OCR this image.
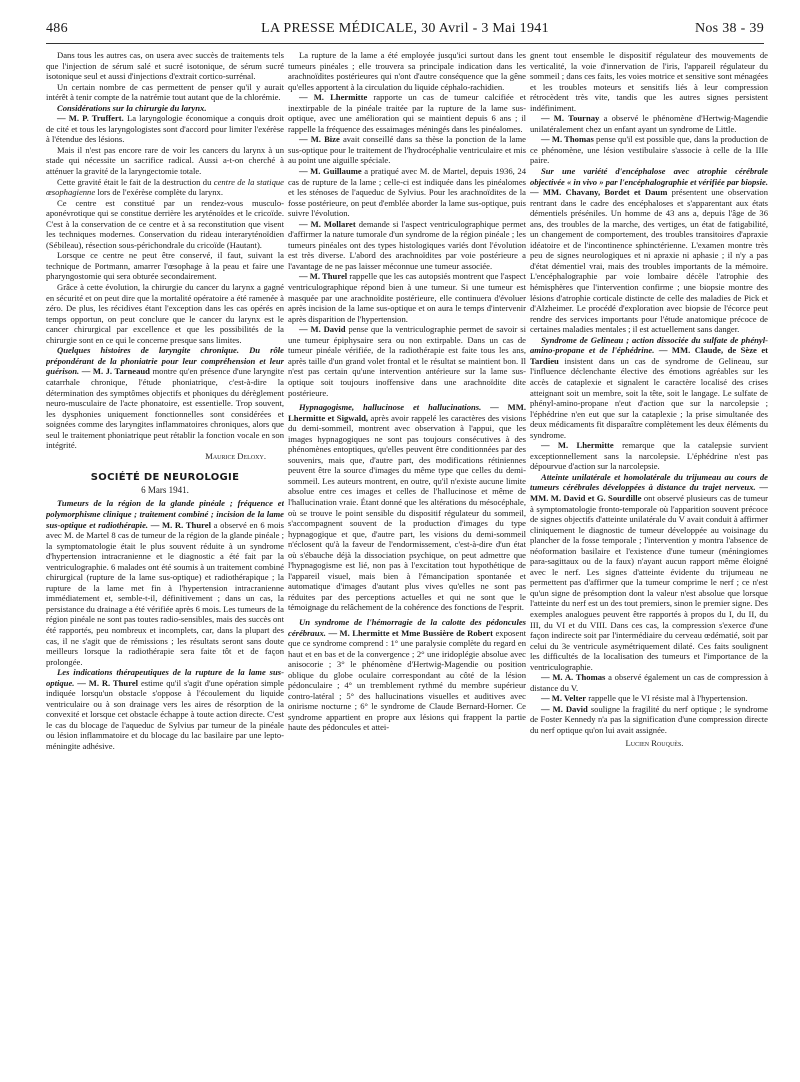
486	LA PRESSE MÉDICALE, 30 Avril - 3 Mai 1941	Nos 38 - 39

Dans tous les autres cas, on usera avec succès de traitements tels que l'injection de sérum salé et sucré isotonique, de sérum sucré isotonique seul et aussi d'injections d'extrait cortico-surrénal.

Un certain nombre de cas permettent de penser qu'il y aurait intérêt à tenir compte de la natrémie tout autant que de la chlorémie.

Considérations sur la chirurgie du larynx.

— M. P. Truffert. La laryngologie économique a conquis droit de cité et tous les laryngologistes sont d'accord pour limiter l'exérèse à l'étendue des lésions.

Mais il n'est pas encore rare de voir les cancers du larynx à un stade qui nécessite un sacrifice radical. Aussi a-t-on cherché à atténuer la gravité de la laryngectomie totale.

Cette gravité était le fait de la destruction du centre de la statique œsophagienne lors de l'exérèse complète du larynx.

Ce centre est constitué par un rendez-vous musculo-aponévrotique qui se constitue derrière les aryténoïdes et le cricoïde. C'est à la conservation de ce centre et à sa reconstitution que visent les techniques modernes. Conservation du rideau interaryténoïdien (Sébileau), résection sous-périchondrale du cricoïde (Hautant).

Lorsque ce centre ne peut être conservé, il faut, suivant la technique de Portmann, amarrer l'œsophage à la peau et faire une pharyngostomie qui sera obturée secondairement.

Grâce à cette évolution, la chirurgie du cancer du larynx a gagné en sécurité et on peut dire que la mortalité opératoire a été ramenée à zéro. De plus, les récidives étant l'exception dans les cas opérés en temps opportun, on peut conclure que le cancer du larynx est le cancer chirurgical par excellence et que les possibilités de la chirurgie sont en ce qui le concerne presque sans limites.

Quelques histoires de laryngite chronique. Du rôle prépondérant de la phoniatrie pour leur compréhension et leur guérison. — M. J. Tarneaud montre qu'en présence d'une laryngite catarrhale chronique, l'étude phoniatrique, c'est-à-dire la détermination des symptômes objectifs et phoniques du dérèglement neuro-musculaire de l'acte phonatoire, est essentielle. Trop souvent, les dysphonies uniquement fonctionnelles sont considérées et soignées comme des laryngites inflammatoires chroniques, alors que seul le traitement phoniatrique peut rétablir la fonction vocale en son intégrité.

Maurice Deloxy.

SOCIÉTÉ DE NEUROLOGIE
6 Mars 1941.

Tumeurs de la région de la glande pinéale ; fréquence et polymorphisme clinique ; traitement combiné ; incision de la lame sus-optique et radiothérapie. — M. R. Thurel a observé en 6 mois avec M. de Martel 8 cas de tumeur de la région de la glande pinéale ; la symptomatologie était le plus souvent réduite à un syndrome d'hypertension intracranienne et le diagnostic a été fait par la ventriculographie. 6 malades ont été soumis à un traitement combiné chirurgical (rupture de la lame sus-optique) et radiothérapique ; la rupture de la lame met fin à l'hypertension intracranienne immédiatement et, semble-t-il, définitivement ; dans un cas, la persistance du drainage a été vérifiée après 6 mois. Les tumeurs de la région pinéale ne sont pas toutes radio-sensibles, mais des succès ont été rapportés, peu nombreux et incomplets, car, dans la plupart des cas, il ne s'agit que de rémissions ; les résultats seront sans doute meilleurs lorsque la radiothérapie sera faite tôt et de façon prolongée.

Les indications thérapeutiques de la rupture de la lame sus-optique. — M. R. Thurel estime qu'il s'agit d'une opération simple indiquée lorsqu'un obstacle s'oppose à l'écoulement du liquide ventriculaire ou à son drainage vers les aires de résorption de la convexité et lorsque cet obstacle échappe à toute action directe. C'est le cas du blocage de l'aqueduc de Sylvius par tumeur de la pinéale ou lésion inflammatoire et du blocage du lac basilaire par une lepto-méningite adhésive.

La rupture de la lame a été employée jusqu'ici surtout dans les tumeurs pinéales ; elle trouvera sa principale indication dans les arachnoïdites postérieures qui n'ont d'autre conséquence que la gêne qu'elles apportent à la circulation du liquide céphalo-rachidien.

— M. Lhermitte rapporte un cas de tumeur calcifiée et inextirpable de la pinéale traitée par la rupture de la lame sus-optique, avec une amélioration qui se maintient depuis 6 ans ; il rappelle la fréquence des essaimages méningés dans les pinéalomes.

— M. Bize avait conseillé dans sa thèse la ponction de la lame sus-optique pour le traitement de l'hydrocéphalie ventriculaire et mis au point une aiguille spéciale.

— M. Guillaume a pratiqué avec M. de Martel, depuis 1936, 24 cas de rupture de la lame ; celle-ci est indiquée dans les pinéalomes et les sténoses de l'aqueduc de Sylvius. Pour les arachnoïdites de la fosse postérieure, on peut d'emblée aborder la lame sus-optique, puis suivre l'évolution.

— M. Mollaret demande si l'aspect ventriculographique permet d'affirmer la nature tumorale d'un syndrome de la région pinéale ; les tumeurs pinéales ont des types histologiques variés dont l'évolution est très diverse. L'abord des arachnoïdites par voie postérieure a l'avantage de ne pas laisser méconnue une tumeur associée.

— M. Thurel rappelle que les cas autopsiés montrent que l'aspect ventriculographique répond bien à une tumeur. Si une tumeur est masquée par une arachnoïdite postérieure, elle continuera d'évoluer après incision de la lame sus-optique et on aura le temps d'intervenir après disparition de l'hypertension.

— M. David pense que la ventriculographie permet de savoir si une tumeur épiphysaire sera ou non extirpable. Dans un cas de tumeur pinéale vérifiée, de la radiothérapie est faite tous les ans, après taille d'un grand volet frontal et le résultat se maintient bon. Il n'est pas certain qu'une intervention antérieure sur la lame sus-optique soit toujours inoffensive dans une arachnoïdite dite postérieure.

Hypnagogisme, hallucinose et hallucinations. — MM. Lhermitte et Sigwald, après avoir rappelé les caractères des visions du demi-sommeil, montrent avec observation à l'appui, que les images hypnagogiques ne sont pas toujours consécutives à des phénomènes entoptiques, qu'elles peuvent être conditionnées par des souvenirs, mais que, d'autre part, des modifications rétiniennes peuvent être la source d'images du même type que celles du demi-sommeil. Les auteurs montrent, en outre, qu'il n'existe aucune limite absolue entre ces images et celles de l'hallucinose et même de l'hallucination vraie. Étant donné que les altérations du mésocéphale, où se trouve le point sensible du dispositif régulateur du sommeil, s'accompagnent souvent de la production d'images du type hypnagogique et que, d'autre part, les visions du demi-sommeil n'éclosent qu'à la faveur de l'endormissement, c'est-à-dire d'un état où s'ébauche déjà la dissociation psychique, on peut admettre que l'hypnagogisme est lié, non pas à l'excitation tout hypothétique de l'appareil visuel, mais bien à l'émancipation spontanée et automatique d'images d'autant plus vives qu'elles ne sont pas réduites par des perceptions actuelles et qui ne sont que le témoignage du relâchement de la cohérence des fonctions de l'esprit.

Un syndrome de l'hémorragie de la calotte des pédoncules cérébraux. — M. Lhermitte et Mme Bussière de Robert exposent que ce syndrome comprend : 1° une paralysie complète du regard en haut et en bas et de la convergence ; 2° une iridoplégie absolue avec anisocorie ; 3° le phénomène d'Hertwig-Magendie ou position oblique du globe oculaire correspondant au côté de la lésion pédonculaire ; 4° un tremblement rythmé du membre supérieur contro-latéral ; 5° des hallucinations visuelles et auditives avec onirisme nocturne ; 6° le syndrome de Claude Bernard-Horner. Ce syndrome appartient en propre aux lésions qui frappent la partie haute des pédoncules et attei-

gnent tout ensemble le dispositif régulateur des mouvements de verticalité, la voie d'innervation de l'iris, l'appareil régulateur du sommeil ; dans ces faits, les voies motrice et sensitive sont ménagées et les troubles moteurs et sensitifs liés à leur compression rétrocèdent très vite, tandis que les autres signes persistent indéfiniment.

— M. Tournay a observé le phénomène d'Hertwig-Magendie unilatéralement chez un enfant ayant un syndrome de Little.

— M. Thomas pense qu'il est possible que, dans la production de ce phénomène, une lésion vestibulaire s'associe à celle de la IIIe paire.

Sur une variété d'encéphalose avec atrophie cérébrale objectivée « in vivo » par l'encéphalographie et vérifiée par biopsie. — MM. Chavany, Bordet et Daum présentent une observation rentrant dans le cadre des encéphaloses et s'apparentant aux états démentiels préséniles. Un homme de 43 ans a, depuis l'âge de 36 ans, des troubles de la marche, des vertiges, un état de fatigabilité, un changement de comportement, des troubles transitoires d'apraxie idéatoire et de l'incontinence sphinctérienne. L'examen montre très peu de signes neurologiques et ni apraxie ni aphasie ; il n'y a pas d'état démentiel vrai, mais des troubles importants de la mémoire. L'encéphalographie par voie lombaire décèle l'atrophie des hémisphères que l'intervention confirme ; une biopsie montre des lésions d'atrophie corticale distincte de celle des maladies de Pick et d'Alzheimer. Le procédé d'exploration avec biopsie de l'écorce peut rendre des services importants pour l'étude anatomique précoce de certaines maladies mentales ; il est actuellement sans danger.

Syndrome de Gelineau ; action dissociée du sulfate de phényl-amino-propane et de l'éphédrine. — MM. Claude, de Sèze et Tardieu insistent dans un cas de syndrome de Gelineau, sur l'influence déclenchante élective des émotions agréables sur les accès de cataplexie et signalent le caractère localisé des crises atteignant soit un membre, soit la tête, soit le langage. Le sulfate de phényl-amino-propane n'eut d'action que sur la narcolepsie ; l'éphédrine n'en eut que sur la cataplexie ; la prise simultanée des deux médicaments fit disparaître complètement les deux éléments du syndrome.

— M. Lhermitte remarque que la catalepsie survient exceptionnellement sans la narcolepsie. L'éphédrine n'est pas dépourvue d'action sur la narcolepsie.

Atteinte unilatérale et homolatérale du trijumeau au cours de tumeurs cérébrales développées à distance du trajet nerveux. — MM. M. David et G. Sourdille ont observé plusieurs cas de tumeur à symptomatologie fronto-temporale où l'apparition souvent précoce de signes objectifs d'atteinte unilatérale du V avait conduit à affirmer cliniquement le diagnostic de tumeur développée au voisinage du plancher de la fosse temporale ; l'intervention y montra l'absence de néoformation basilaire et l'existence d'une tumeur (méningiomes para-sagittaux ou de la faux) n'ayant aucun rapport même éloigné avec le nerf. Les signes d'atteinte évidente du trijumeau ne permettent pas d'affirmer que la tumeur comprime le nerf ; ce n'est qu'un signe de présomption dont la valeur n'est absolue que lorsque l'atteinte du nerf est un des tout premiers, sinon le premier signe. Des exemples analogues peuvent être rapportés à propos du I, du II, du III, du VI et du VIII. Dans ces cas, la compression s'exerce d'une façon indirecte soit par l'intermédiaire du cerveau œdématié, soit par celui du 3e ventricule asymétriquement dilaté. Ces faits soulignent les difficultés de la localisation des tumeurs et l'importance de la ventriculographie.

— M. A. Thomas a observé également un cas de compression à distance du V.

— M. Velter rappelle que le VI résiste mal à l'hypertension.

— M. David souligne la fragilité du nerf optique ; le syndrome de Foster Kennedy n'a pas la signification d'une compression directe du nerf optique qu'on lui avait assignée.

Lucien Rouquès.
